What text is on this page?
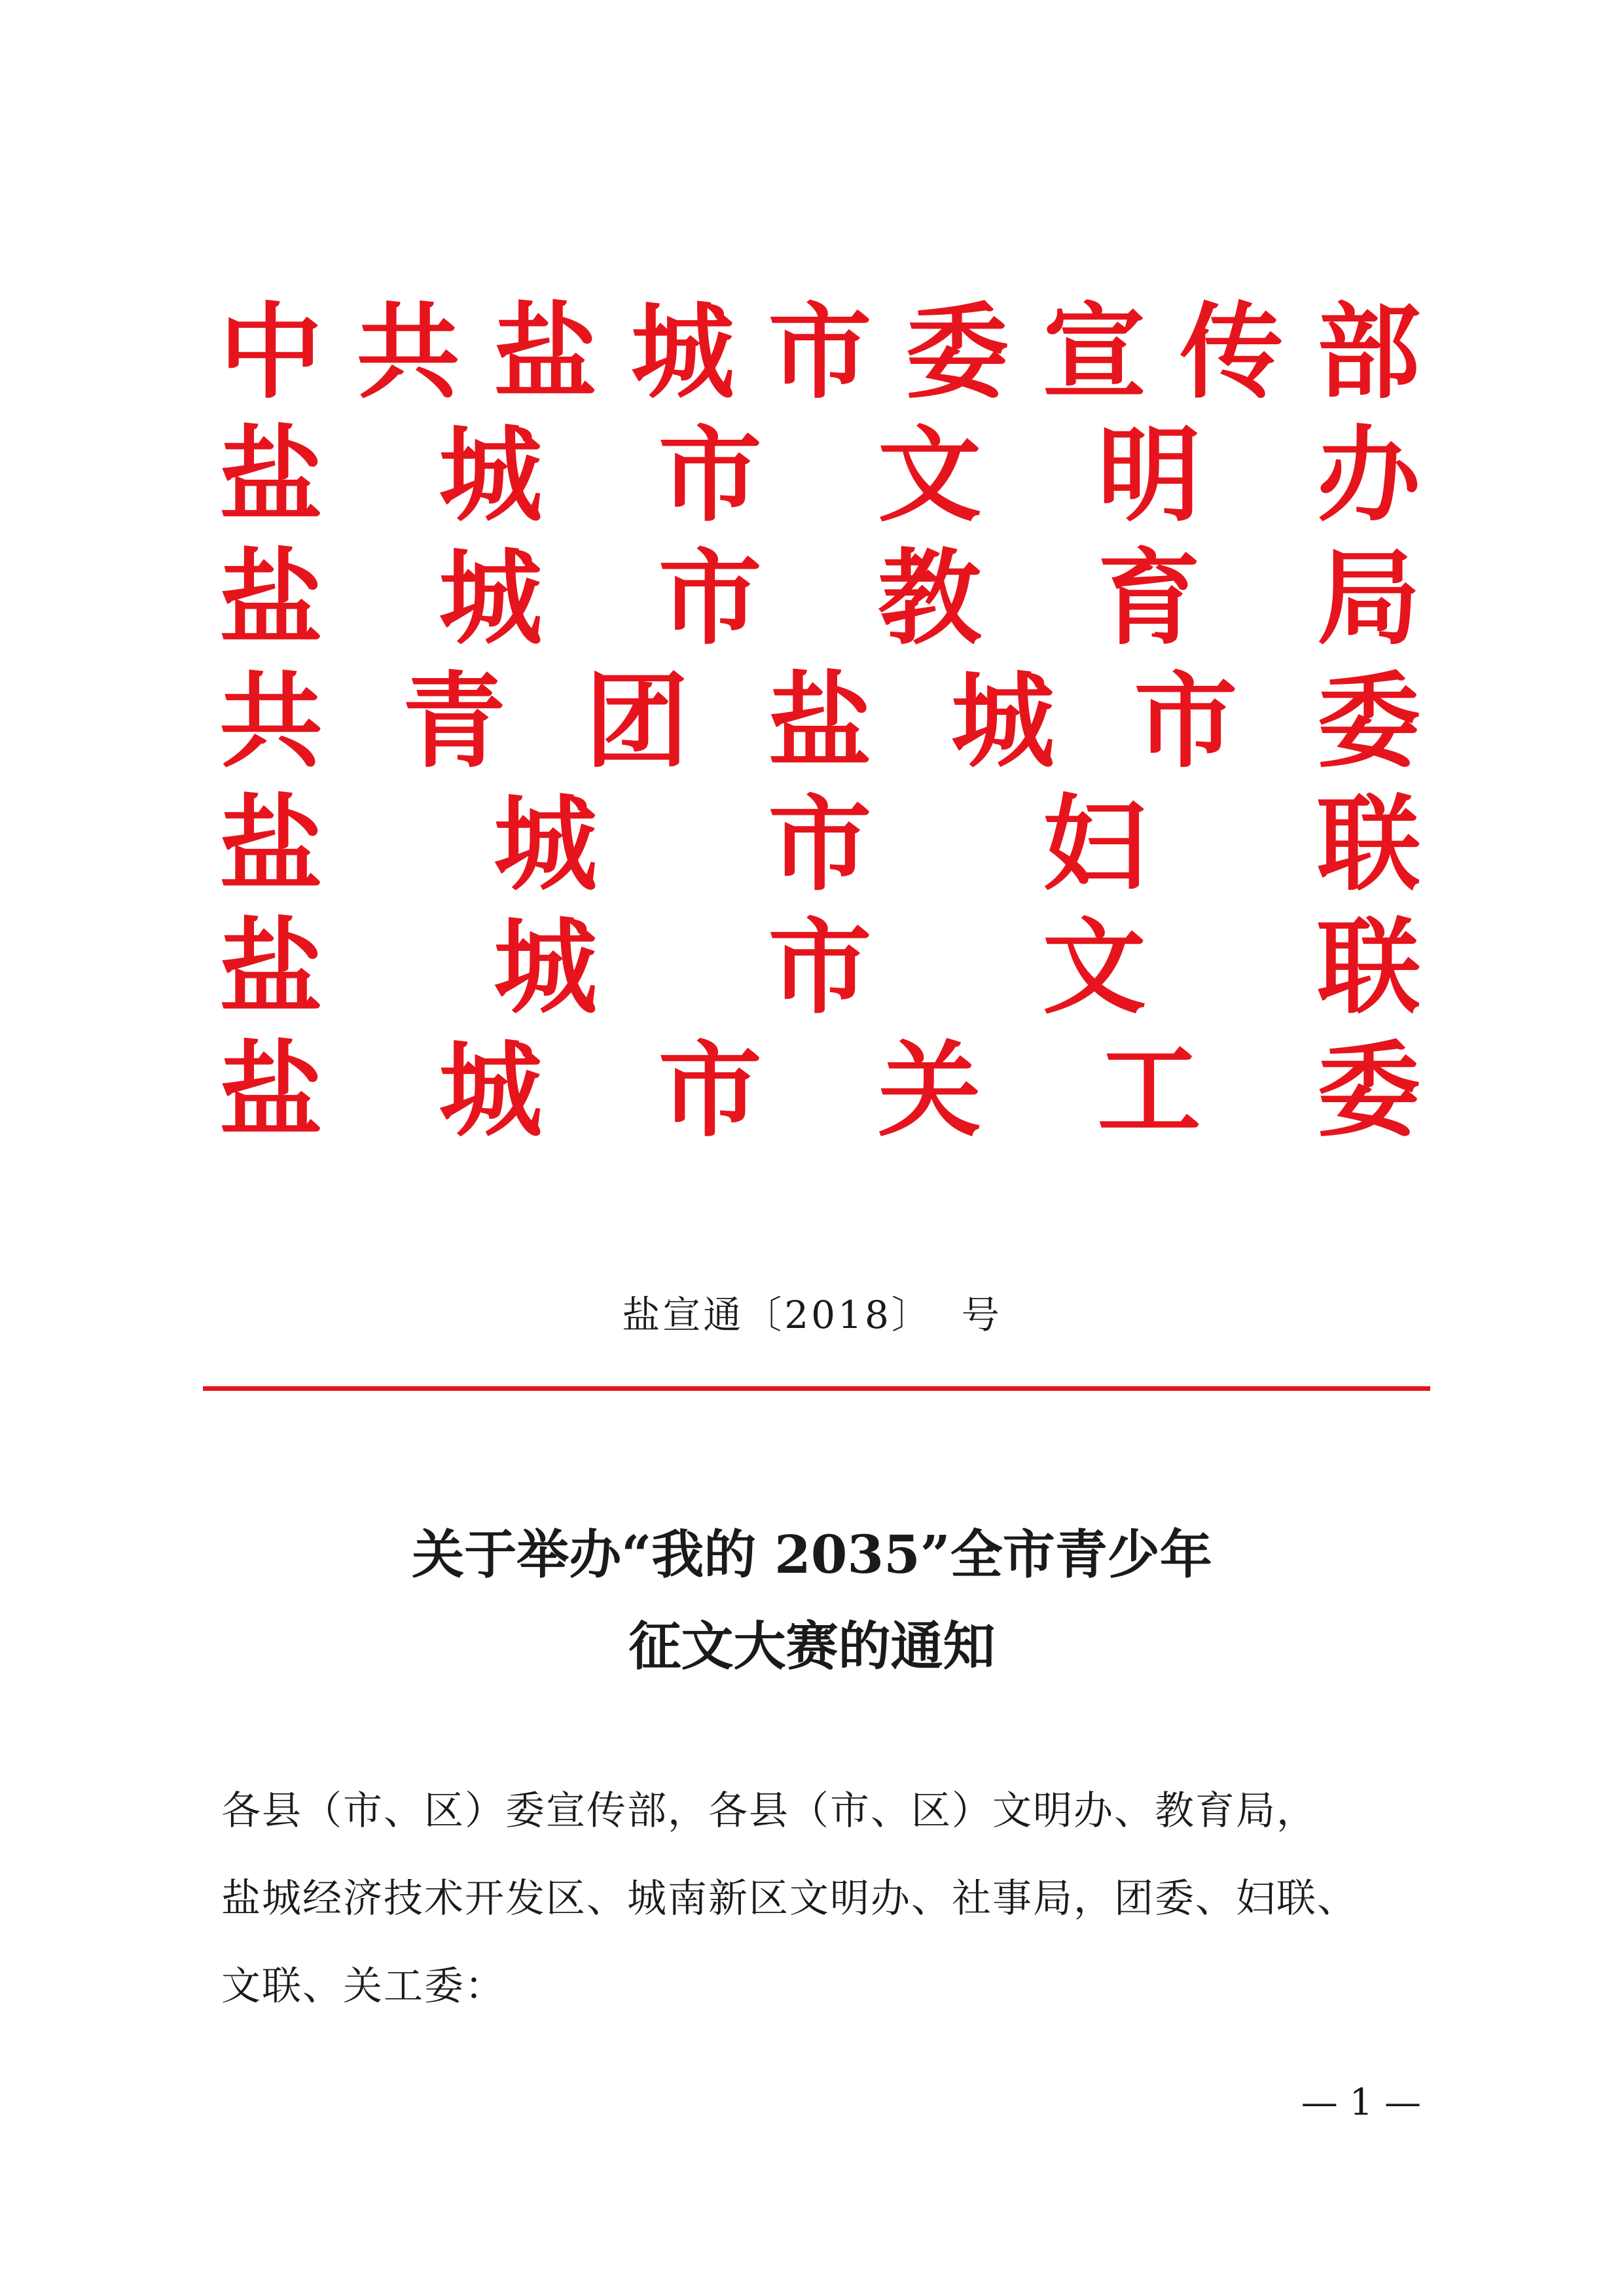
中 共 盐 城 市 委 宣 传 部
盐 城 市 文 明 办
盐 城 市 教 育 局
共 青 团 盐 城 市 委
盐 城 市 妇 联
盐 城 市 文 联
盐 城 市 关 工 委
盐宣通〔2018〕  号
关于举办“我的 2035”全市青少年
征文大赛的通知
各县（市、区）委宣传部，各县（市、区）文明办、教育局，
盐城经济技术开发区、城南新区文明办、社事局，团委、妇联、
文联、关工委：
— 1 —
